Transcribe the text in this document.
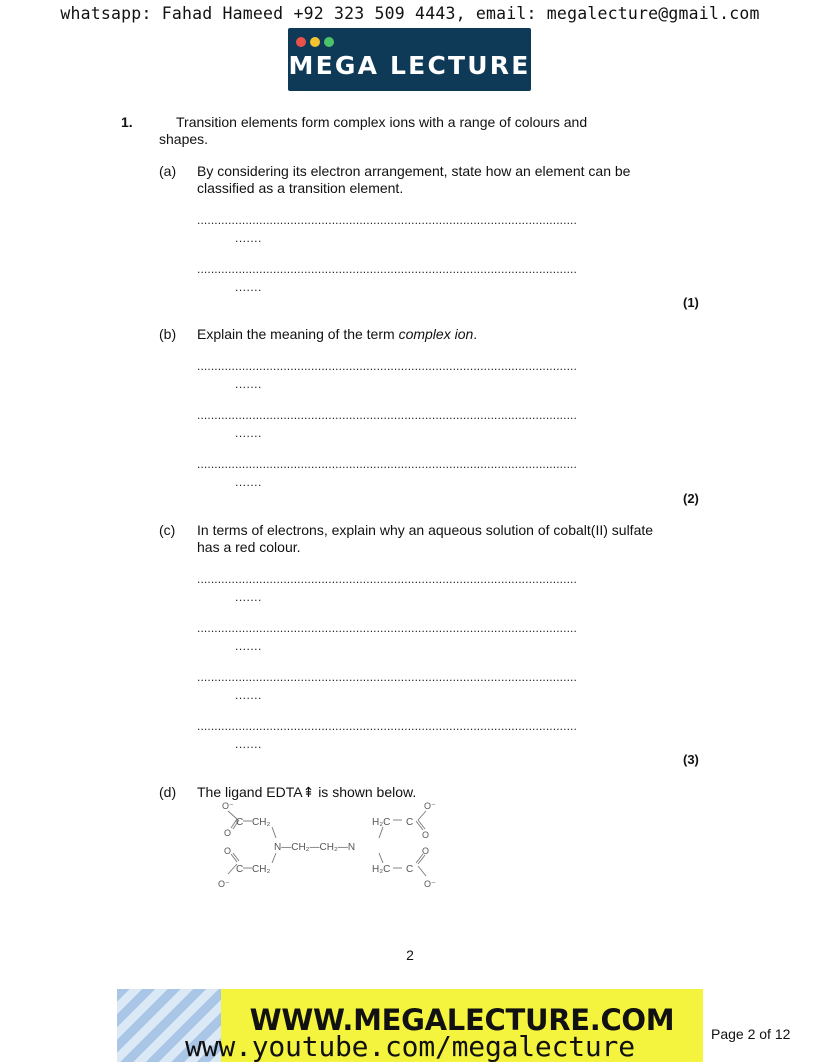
whatsapp: Fahad Hameed +92 323 509 4443, email: megalecture@gmail.com
MEGA LECTURE
1.	Transition elements form complex ions with a range of colours and shapes.
(a) By considering its electron arrangement, state how an element can be classified as a transition element.
..............................................................................................................
.......
..............................................................................................................
.......
(1)
(b) Explain the meaning of the term complex ion.
..............................................................................................................
.......
..............................................................................................................
.......
..............................................................................................................
.......
(2)
(c) In terms of electrons, explain why an aqueous solution of cobalt(II) sulfate has a red colour.
..............................................................................................................
.......
..............................................................................................................
.......
..............................................................................................................
.......
..............................................................................................................
.......
(3)
(d) The ligand EDTA⇞ is shown below.
O⁻
O
C CH₂
N—CH₂—CH₂—N
O
C CH₂
O⁻
H₂C C
O⁻
O
O
H₂C C
O⁻
2
WWW.MEGALECTURE.COM
www.youtube.com/megalecture	Page 2 of 12
